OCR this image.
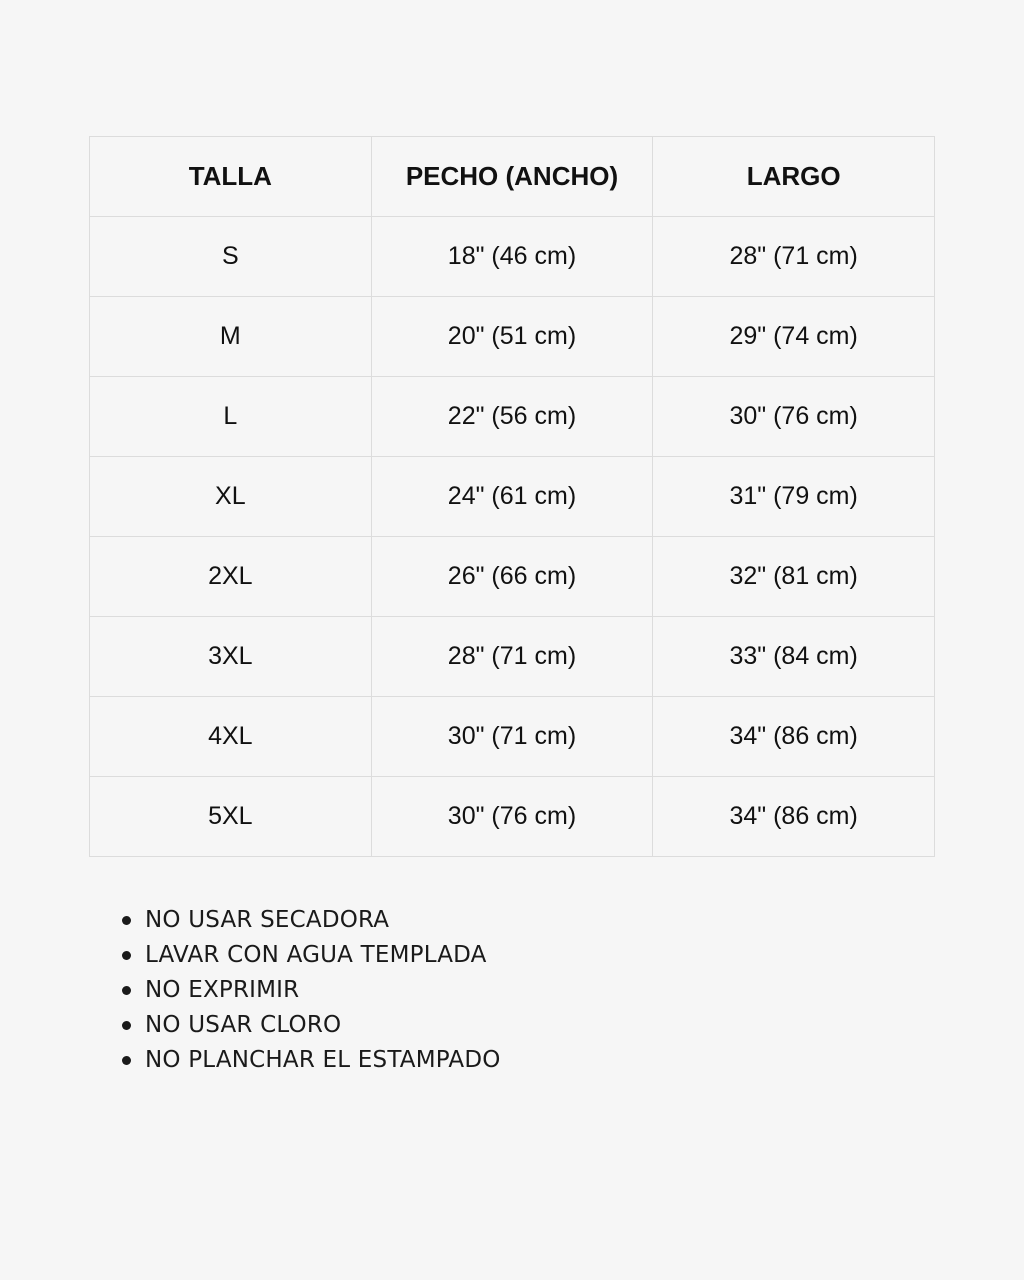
TALLA	PECHO (ANCHO)	LARGO
S	18" (46 cm)	28" (71 cm)
M	20" (51 cm)	29" (74 cm)
L	22" (56 cm)	30" (76 cm)
XL	24" (61 cm)	31" (79 cm)
2XL	26" (66 cm)	32" (81 cm)
3XL	28" (71 cm)	33" (84 cm)
4XL	30" (71 cm)	34" (86 cm)
5XL	30" (76 cm)	34" (86 cm)
NO USAR SECADORA
LAVAR CON AGUA TEMPLADA
NO EXPRIMIR
NO USAR CLORO
NO PLANCHAR EL ESTAMPADO
